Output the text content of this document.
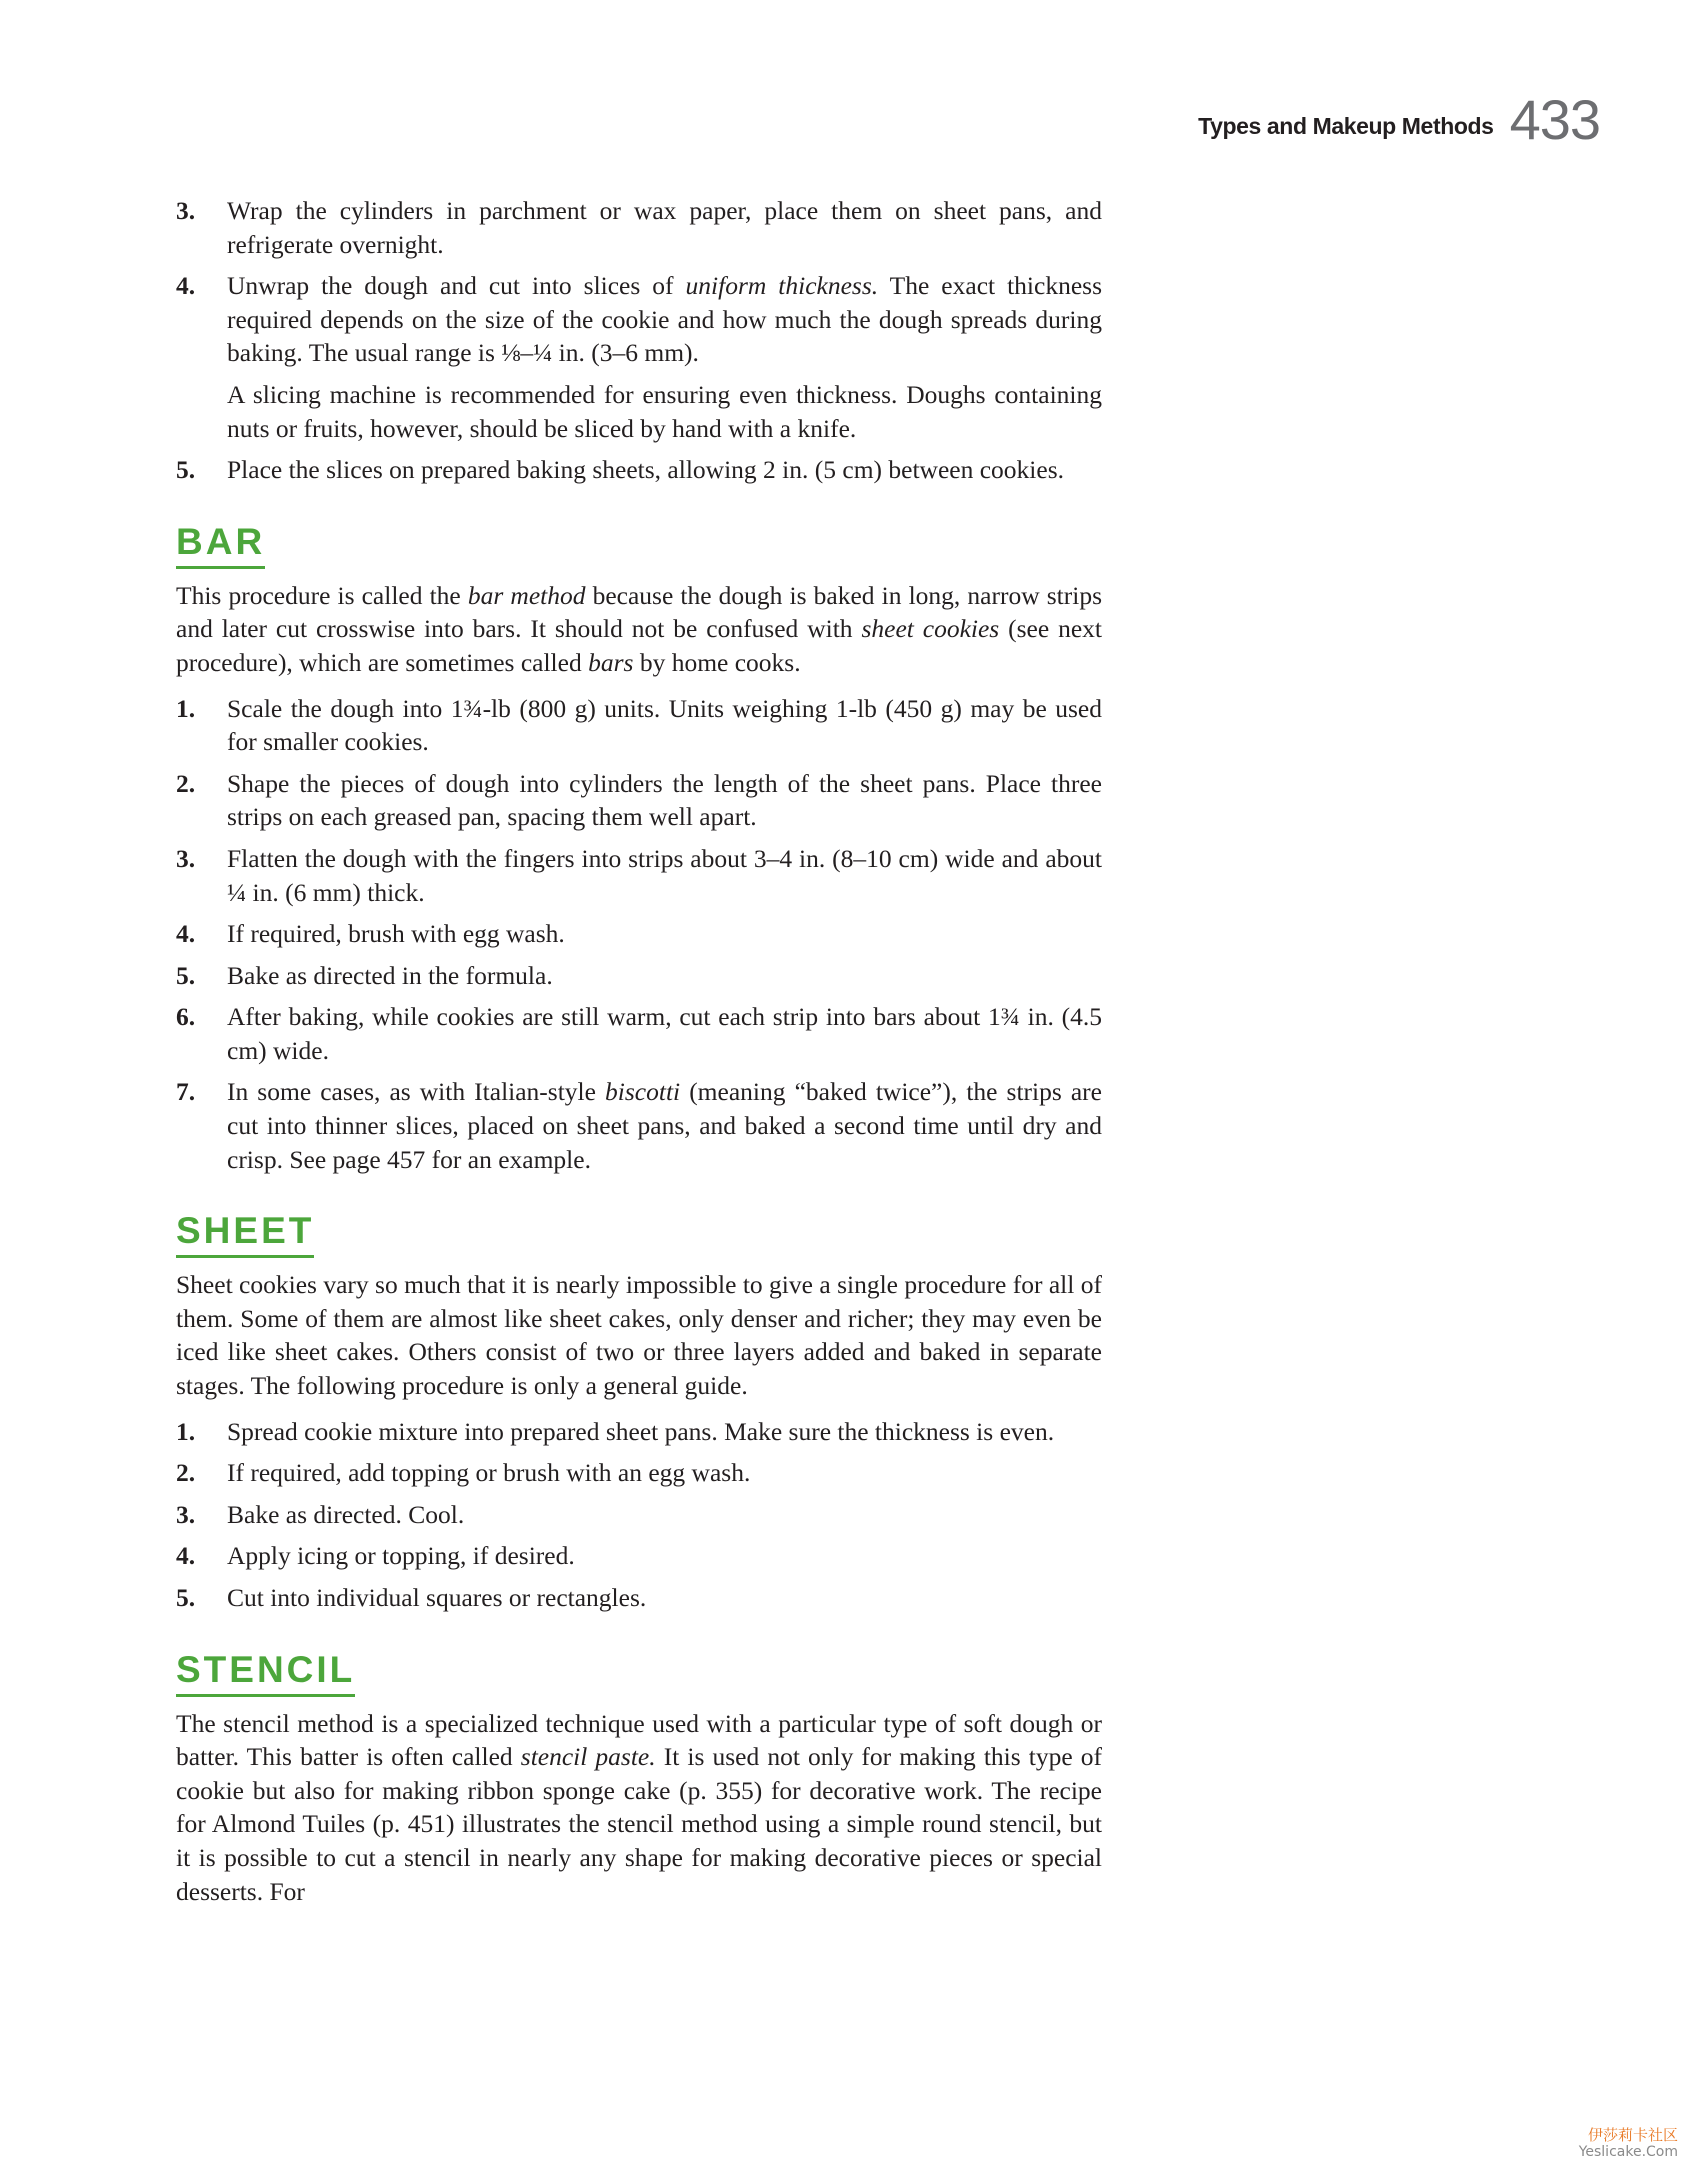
Types and Makeup Methods 433
3. Wrap the cylinders in parchment or wax paper, place them on sheet pans, and refrigerate overnight.

4. Unwrap the dough and cut into slices of uniform thickness. The exact thickness required depends on the size of the cookie and how much the dough spreads during baking. The usual range is ⅛–¼ in. (3–6 mm).

A slicing machine is recommended for ensuring even thickness. Doughs containing nuts or fruits, however, should be sliced by hand with a knife.

5. Place the slices on prepared baking sheets, allowing 2 in. (5 cm) between cookies.

BAR

This procedure is called the bar method because the dough is baked in long, narrow strips and later cut crosswise into bars. It should not be confused with sheet cookies (see next procedure), which are sometimes called bars by home cooks.

1. Scale the dough into 1¾-lb (800 g) units. Units weighing 1-lb (450 g) may be used for smaller cookies.

2. Shape the pieces of dough into cylinders the length of the sheet pans. Place three strips on each greased pan, spacing them well apart.

3. Flatten the dough with the fingers into strips about 3–4 in. (8–10 cm) wide and about ¼ in. (6 mm) thick.

4. If required, brush with egg wash.

5. Bake as directed in the formula.

6. After baking, while cookies are still warm, cut each strip into bars about 1¾ in. (4.5 cm) wide.

7. In some cases, as with Italian-style biscotti (meaning “baked twice”), the strips are cut into thinner slices, placed on sheet pans, and baked a second time until dry and crisp. See page 457 for an example.

SHEET

Sheet cookies vary so much that it is nearly impossible to give a single procedure for all of them. Some of them are almost like sheet cakes, only denser and richer; they may even be iced like sheet cakes. Others consist of two or three layers added and baked in separate stages. The following procedure is only a general guide.

1. Spread cookie mixture into prepared sheet pans. Make sure the thickness is even.

2. If required, add topping or brush with an egg wash.

3. Bake as directed. Cool.

4. Apply icing or topping, if desired.

5. Cut into individual squares or rectangles.

STENCIL

The stencil method is a specialized technique used with a particular type of soft dough or batter. This batter is often called stencil paste. It is used not only for making this type of cookie but also for making ribbon sponge cake (p. 355) for decorative work. The recipe for Almond Tuiles (p. 451) illustrates the stencil method using a simple round stencil, but it is possible to cut a stencil in nearly any shape for making decorative pieces or special desserts. For

伊莎莉卡社区
Yeslicake.Com
